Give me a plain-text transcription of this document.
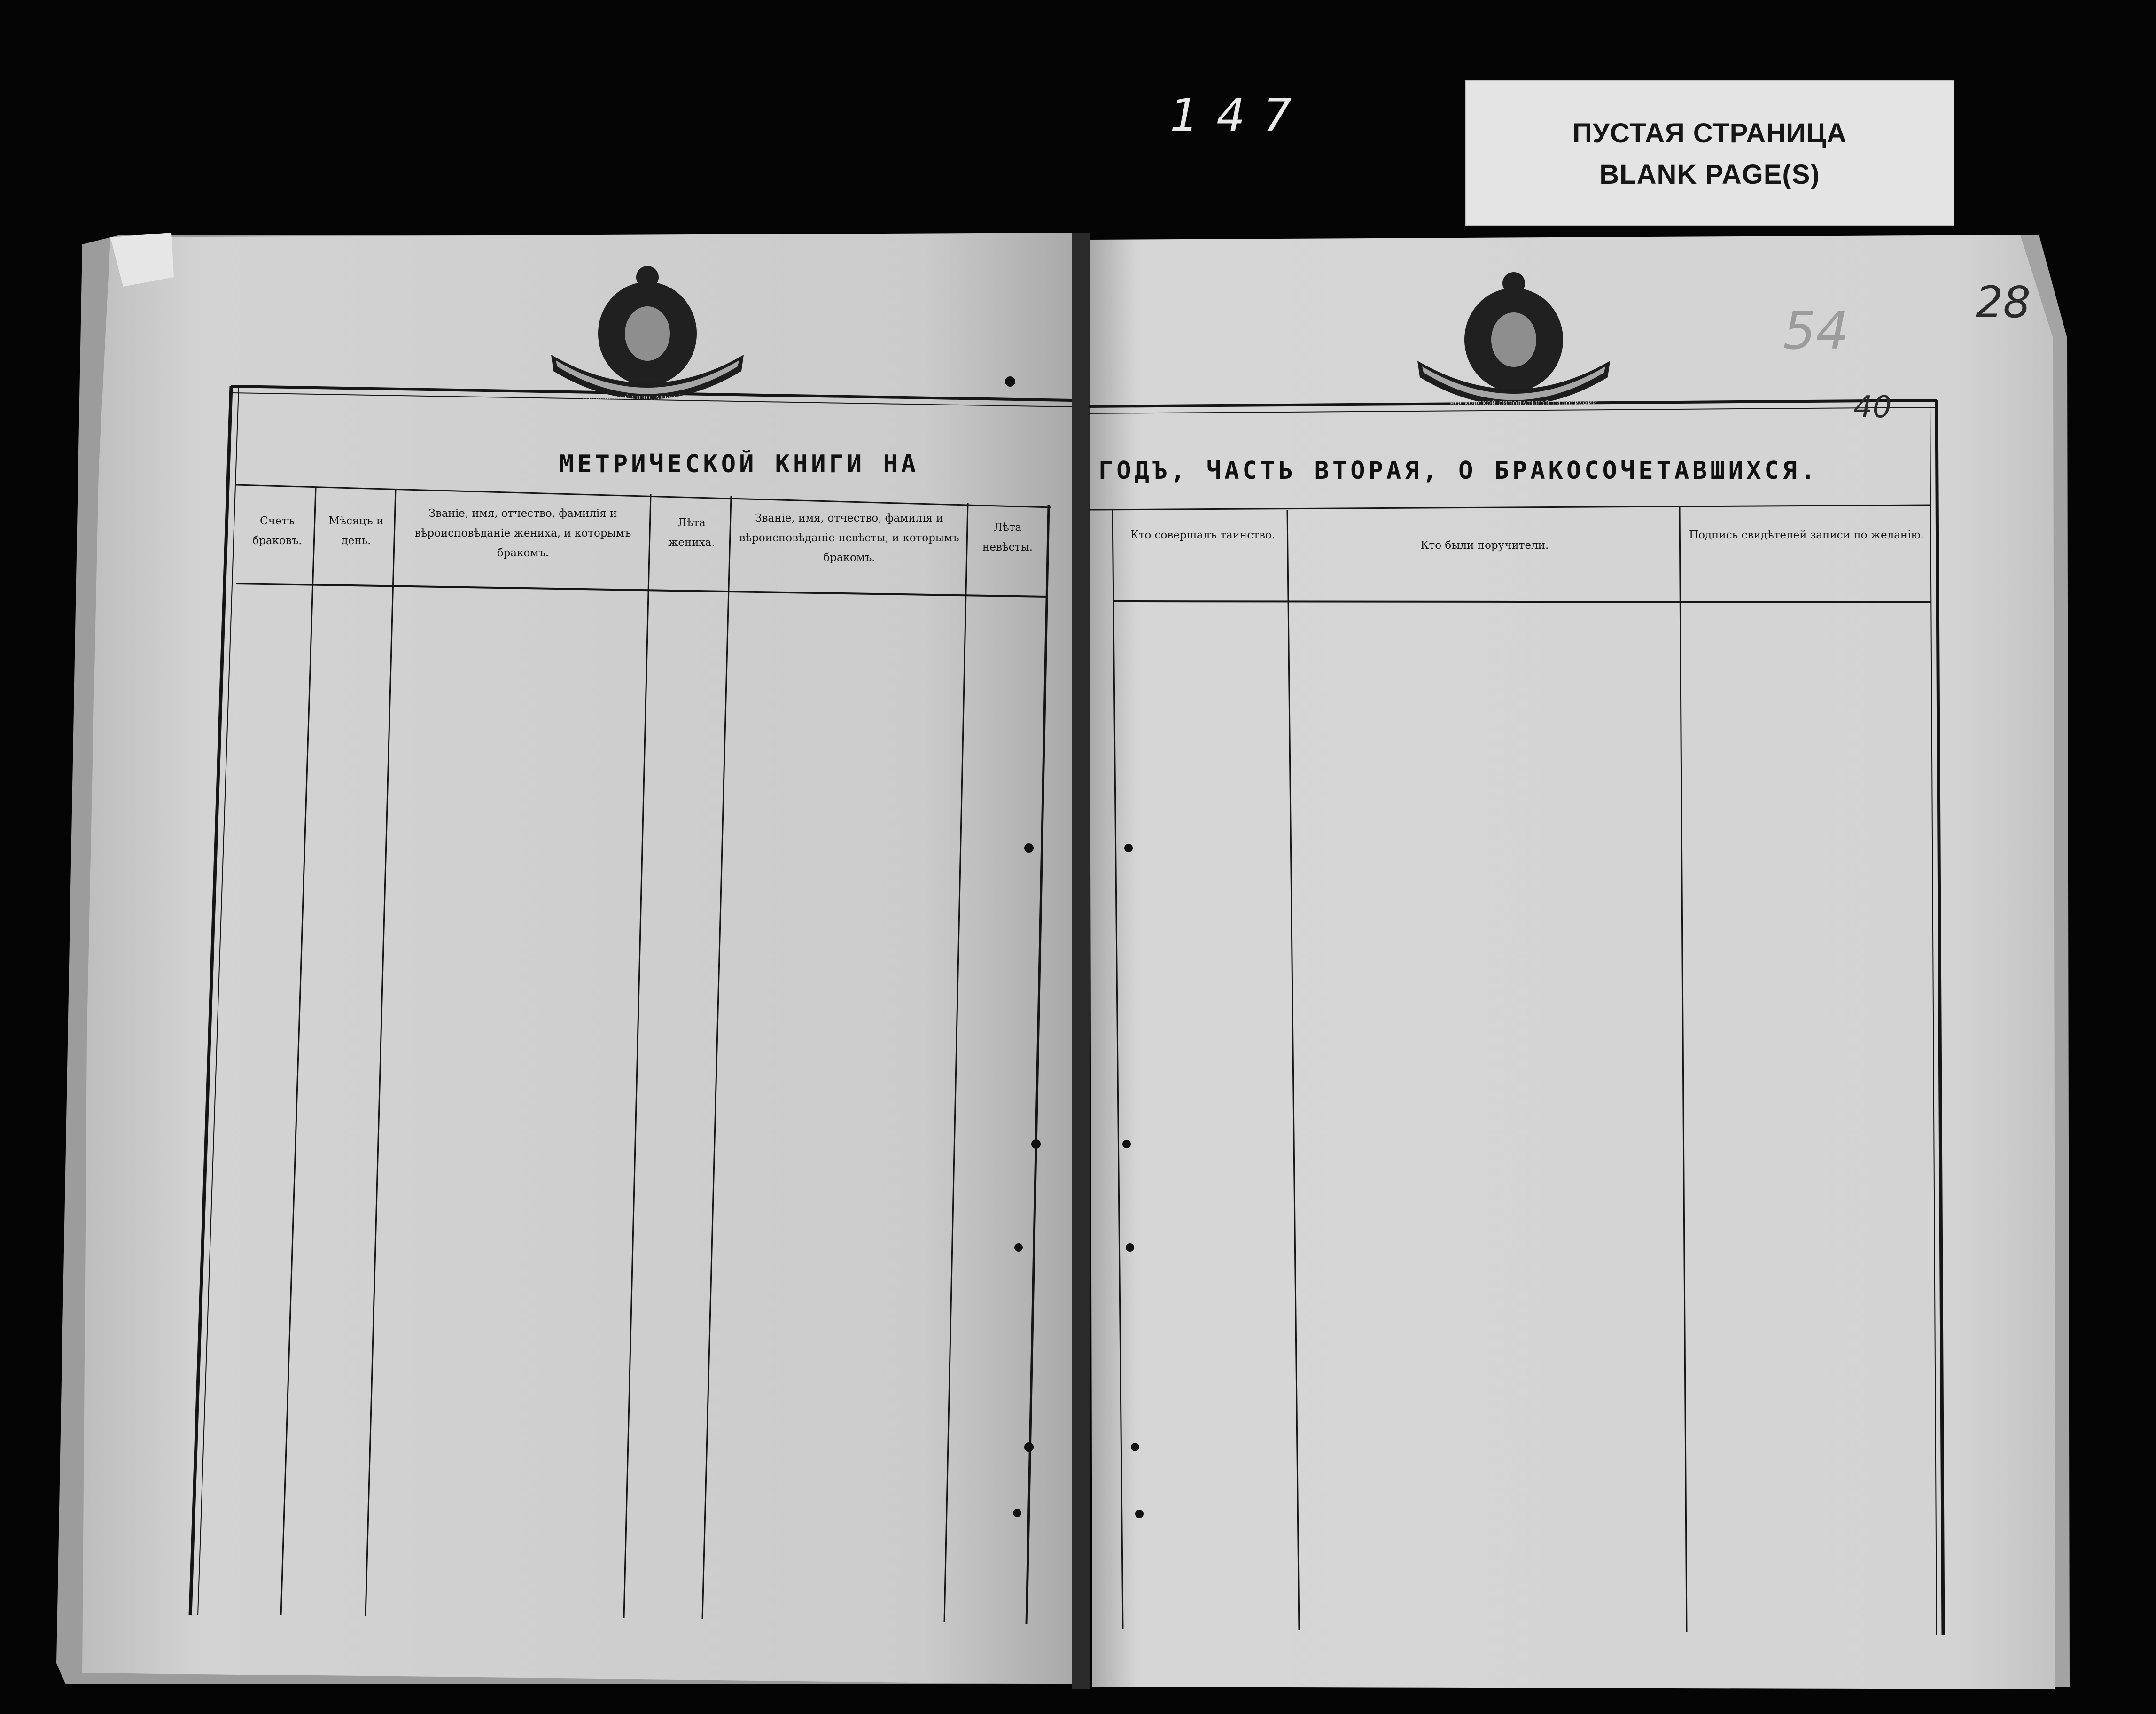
ПУСТАЯ СТРАНИЦА
BLANK PAGE(S)
147
МОСКОВСКОЙ СИНОДАЛЬНОЙ ТИПОГРАФИИ
МОСКОВСКОЙ СИНОДАЛЬНОЙ ТИПОГРАФИИ
МЕТРИЧЕСКОЙ КНИГИ НА	ГОДЪ, ЧАСТЬ ВТОРАЯ, О БРАКОСОЧЕТАВШИХСЯ.
Счетъ браковъ.
Мѣсяцъ и день.
Званіе, имя, отчество, фамилія и вѣроисповѣданіе жениха, и которымъ бракомъ.
Лѣта жениха.
Званіе, имя, отчество, фамилія и вѣроисповѣданіе невѣсты, и которымъ бракомъ.
Лѣта невѣсты.
Кто совершалъ таинство.
Кто были поручители.
Подпись свидѣтелей записи по желанію.
54	28
40
